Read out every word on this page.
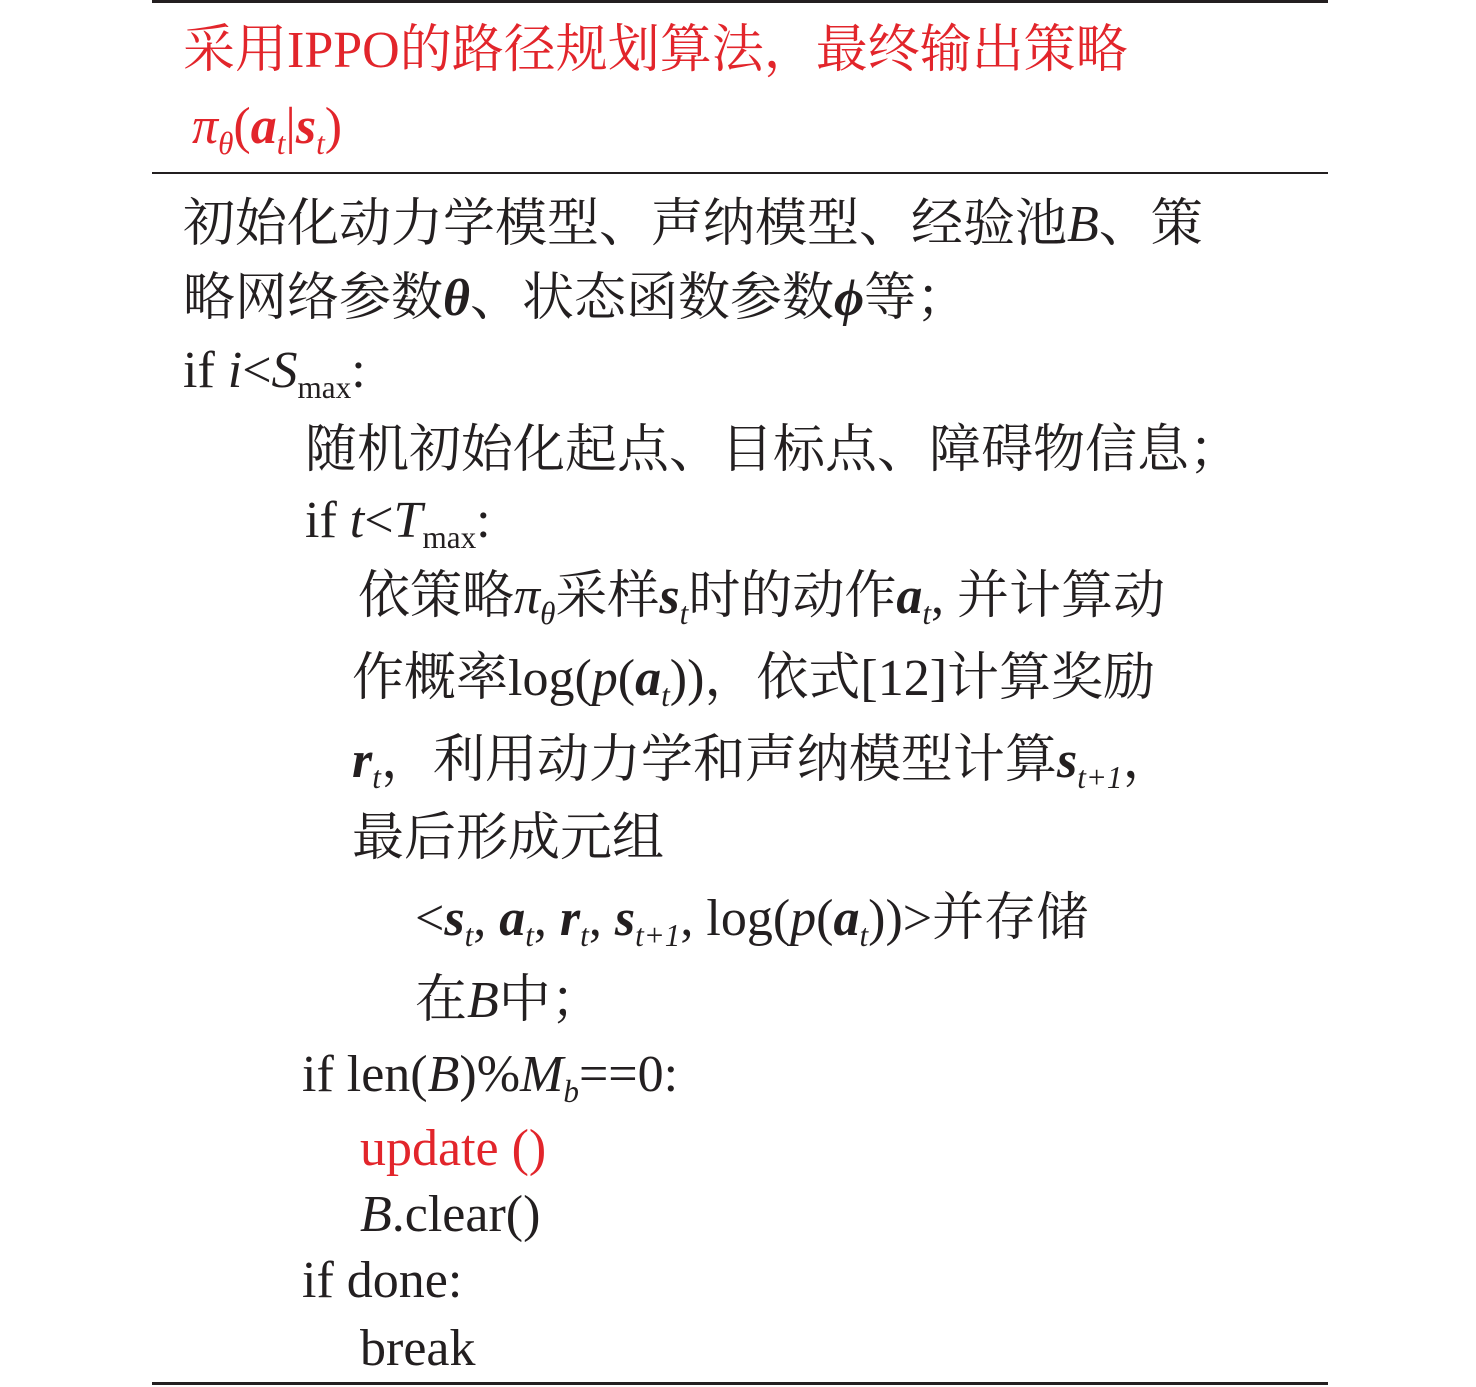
采用IPPO的路径规划算法，最终输出策略
$\pi_\theta(a_t|s_t)$
初始化动力学模型、声纳模型、经验池B、策
略网络参数θ、状态函数参数ϕ等；
if $i<S_{max}$:
随机初始化起点、目标点、障碍物信息；
if $t<T_{max}$:
依策略$\pi_\theta$采样$s_t$时的动作$a_t$, 并计算动
作概率$\log(p(a_t))$，依式[12]计算奖励
$r_t$，利用动力学和声纳模型计算$s_{t+1}$，
最后形成元组
$<s_t$, $a_t$, $r_t$, $s_{t+1}$, $\log(p(a_t))>$并存储
在B中；
if $len(B)\%M_b==0$:
update ()
B.clear()
if done:
break
